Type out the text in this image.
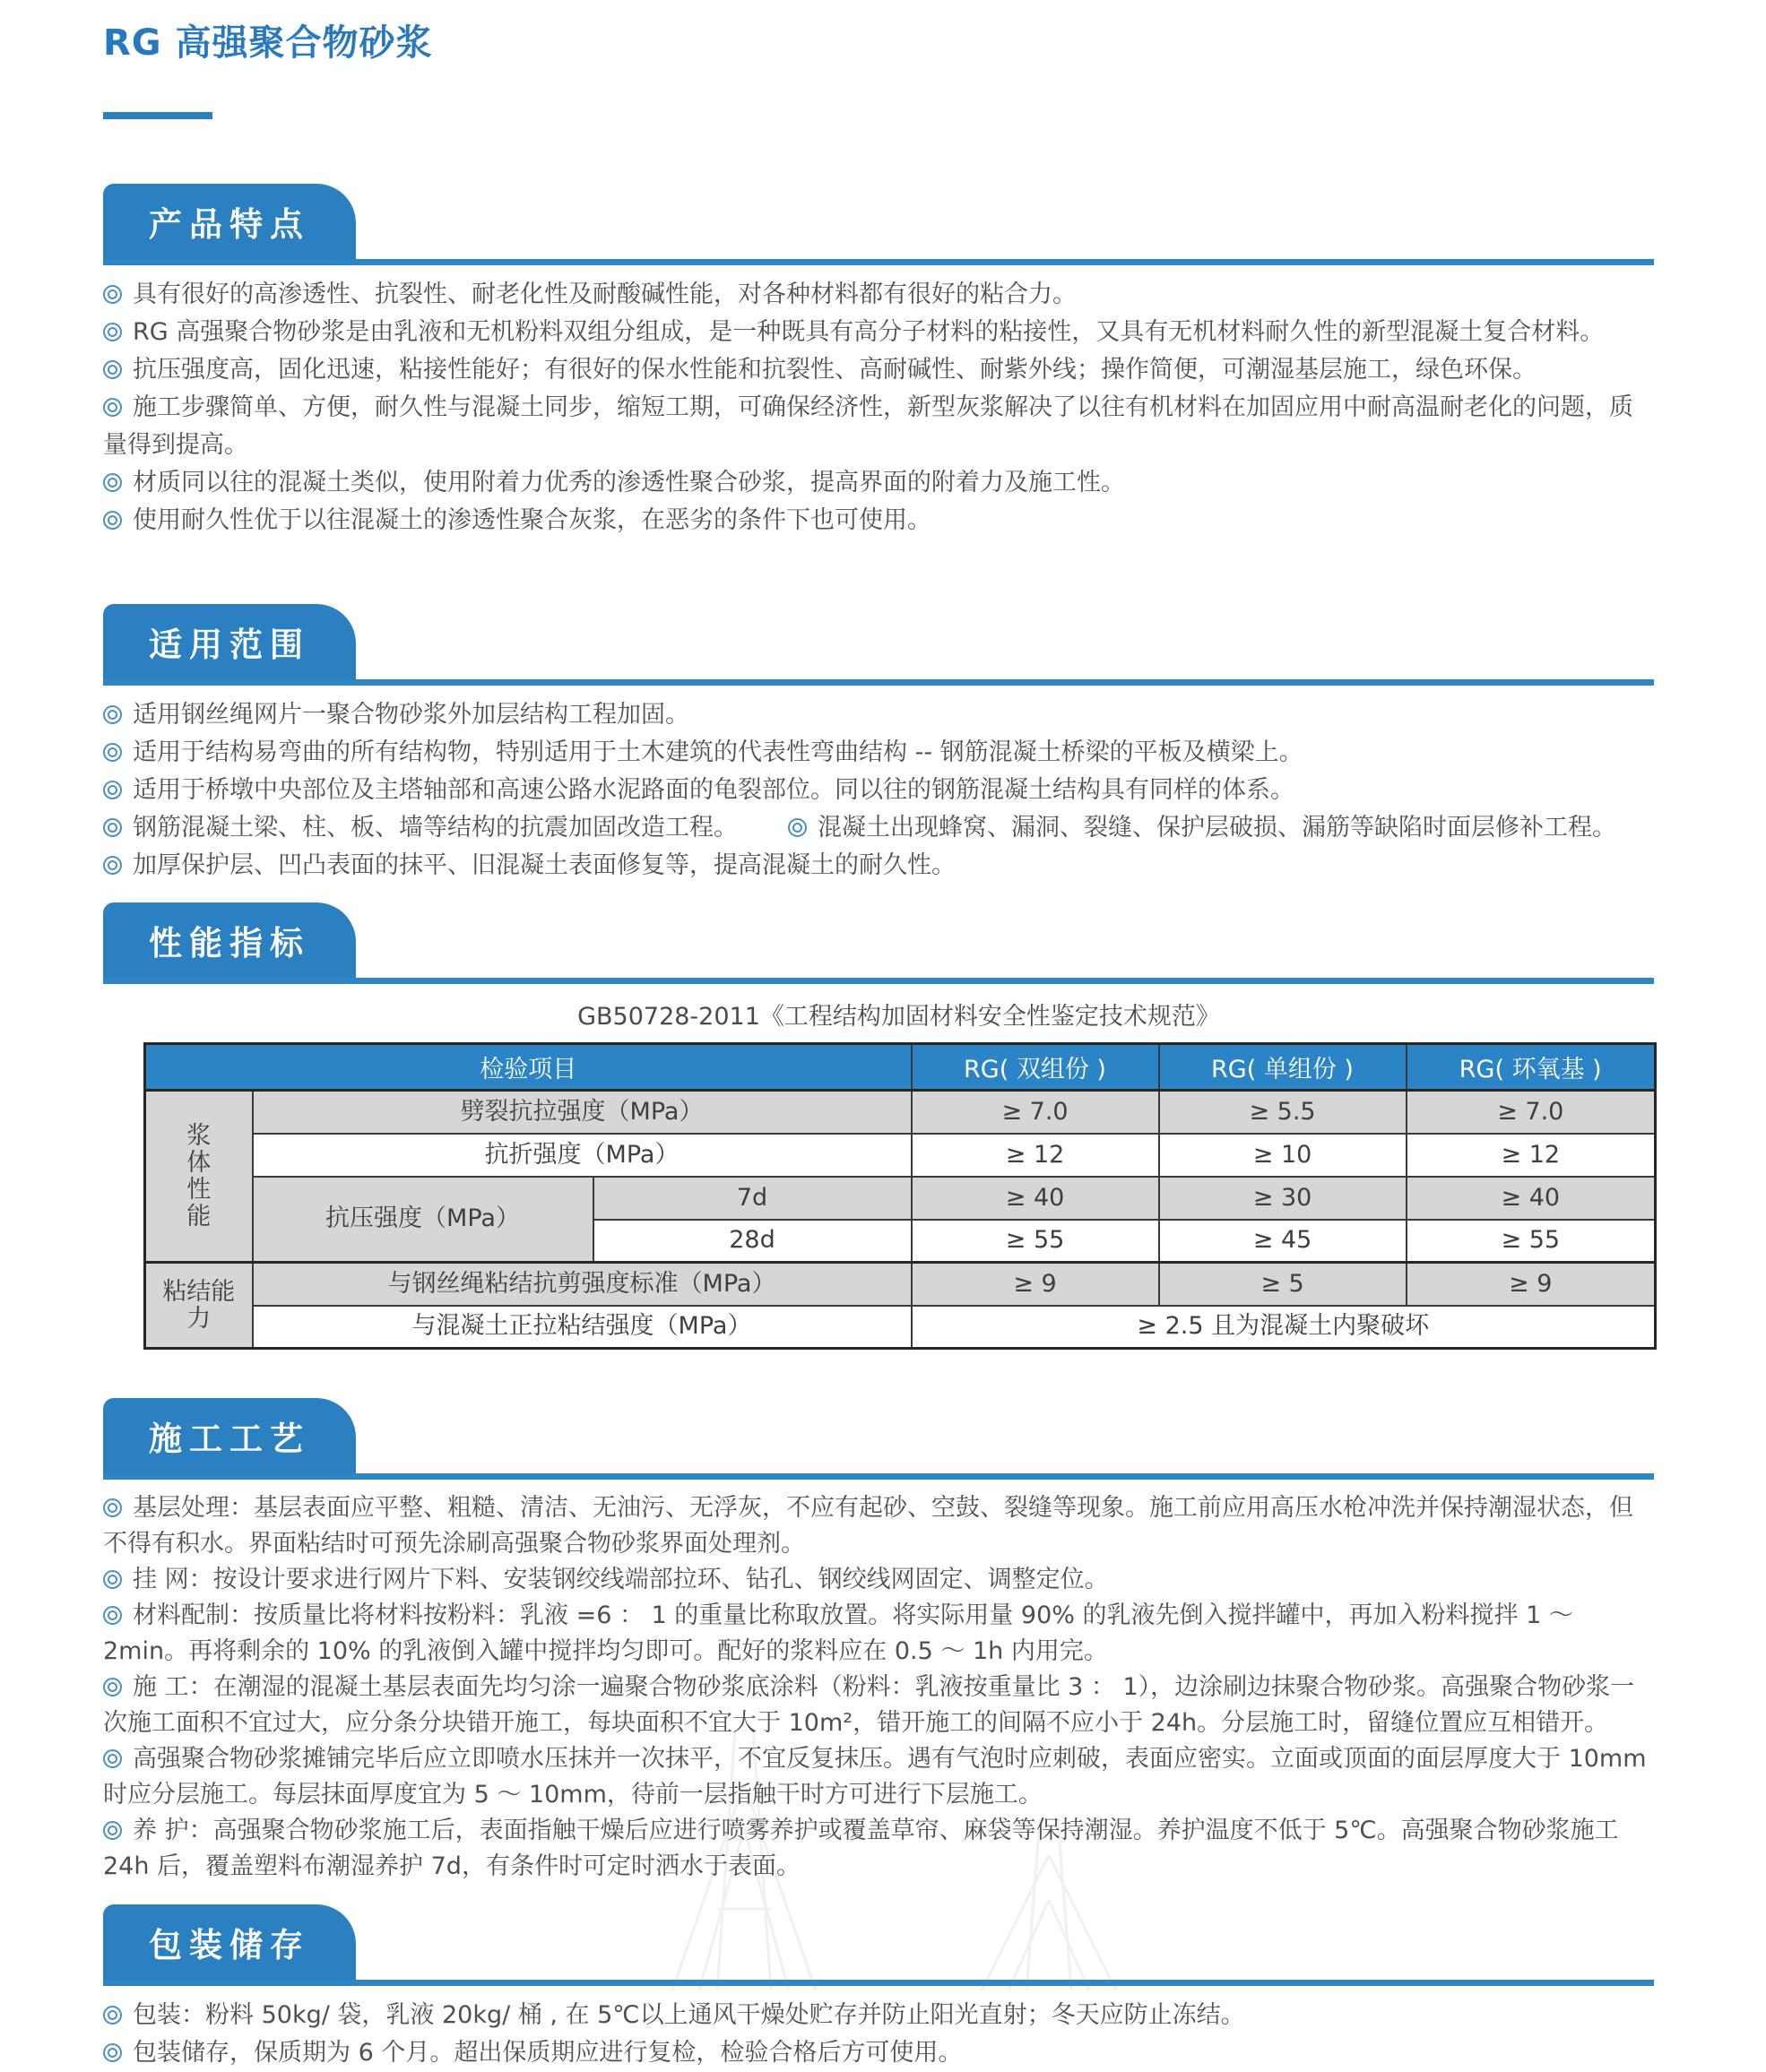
RG 高强聚合物砂浆
产品特点

具有很好的高渗透性、抗裂性、耐老化性及耐酸碱性能，对各种材料都有很好的粘合力。

RG 高强聚合物砂浆是由乳液和无机粉料双组分组成，是一种既具有高分子材料的粘接性，又具有无机材料耐久性的新型混凝土复合材料。

抗压强度高，固化迅速，粘接性能好；有很好的保水性能和抗裂性、高耐碱性、耐紫外线；操作简便，可潮湿基层施工，绿色环保。

施工步骤简单、方便，耐久性与混凝土同步，缩短工期，可确保经济性，新型灰浆解决了以往有机材料在加固应用中耐高温耐老化的问题，质量得到提高。

材质同以往的混凝土类似，使用附着力优秀的渗透性聚合砂浆，提高界面的附着力及施工性。

使用耐久性优于以往混凝土的渗透性聚合灰浆，在恶劣的条件下也可使用。

适用范围

适用钢丝绳网片一聚合物砂浆外加层结构工程加固。

适用于结构易弯曲的所有结构物，特别适用于土木建筑的代表性弯曲结构 -- 钢筋混凝土桥梁的平板及横梁上。

适用于桥墩中央部位及主塔轴部和高速公路水泥路面的龟裂部位。同以往的钢筋混凝土结构具有同样的体系。

钢筋混凝土梁、柱、板、墙等结构的抗震加固改造工程。	混凝土出现蜂窝、漏洞、裂缝、保护层破损、漏筋等缺陷时面层修补工程。

加厚保护层、凹凸表面的抹平、旧混凝土表面修复等，提高混凝土的耐久性。

性能指标
GB50728-2011《工程结构加固材料安全性鉴定技术规范》
检验项目			RG( 双组份 )	RG( 单组份 )	RG( 环氧基 )
浆
体
性
能	劈裂抗拉强度（MPa）		≥ 7.0	≥ 5.5	≥ 7.0
	抗折强度（MPa）		≥ 12	≥ 10	≥ 12
	抗压强度（MPa）	7d	≥ 40	≥ 30	≥ 40
		28d	≥ 55	≥ 45	≥ 55
粘结能
力	与钢丝绳粘结抗剪强度标准（MPa）		≥ 9	≥ 5	≥ 9
	与混凝土正拉粘结强度（MPa）		≥ 2.5 且为混凝土内聚破坏		
施工工艺

基层处理：基层表面应平整、粗糙、清洁、无油污、无浮灰，不应有起砂、空鼓、裂缝等现象。施工前应用高压水枪冲洗并保持潮湿状态，但不得有积水。界面粘结时可预先涂刷高强聚合物砂浆界面处理剂。

挂 网：按设计要求进行网片下料、安装钢绞线端部拉环、钻孔、钢绞线网固定、调整定位。

材料配制：按质量比将材料按粉料：乳液 =6 ： 1 的重量比称取放置。将实际用量 90% 的乳液先倒入搅拌罐中，再加入粉料搅拌 1 ～ 2min。再将剩余的 10% 的乳液倒入罐中搅拌均匀即可。配好的浆料应在 0.5 ～ 1h 内用完。

施 工：在潮湿的混凝土基层表面先均匀涂一遍聚合物砂浆底涂料（粉料：乳液按重量比 3 ： 1），边涂刷边抹聚合物砂浆。高强聚合物砂浆一次施工面积不宜过大，应分条分块错开施工，每块面积不宜大于 10m²，错开施工的间隔不应小于 24h。分层施工时，留缝位置应互相错开。

高强聚合物砂浆摊铺完毕后应立即喷水压抹并一次抹平，不宜反复抹压。遇有气泡时应刺破，表面应密实。立面或顶面的面层厚度大于 10mm 时应分层施工。每层抹面厚度宜为 5 ～ 10mm，待前一层指触干时方可进行下层施工。

养 护：高强聚合物砂浆施工后，表面指触干燥后应进行喷雾养护或覆盖草帘、麻袋等保持潮湿。养护温度不低于 5℃。高强聚合物砂浆施工 24h 后，覆盖塑料布潮湿养护 7d，有条件时可定时洒水于表面。

包装储存

包装：粉料 50kg/ 袋，乳液 20kg/ 桶 , 在 5℃以上通风干燥处贮存并防止阳光直射；冬天应防止冻结。

包装储存，保质期为 6 个月。超出保质期应进行复检，检验合格后方可使用。
